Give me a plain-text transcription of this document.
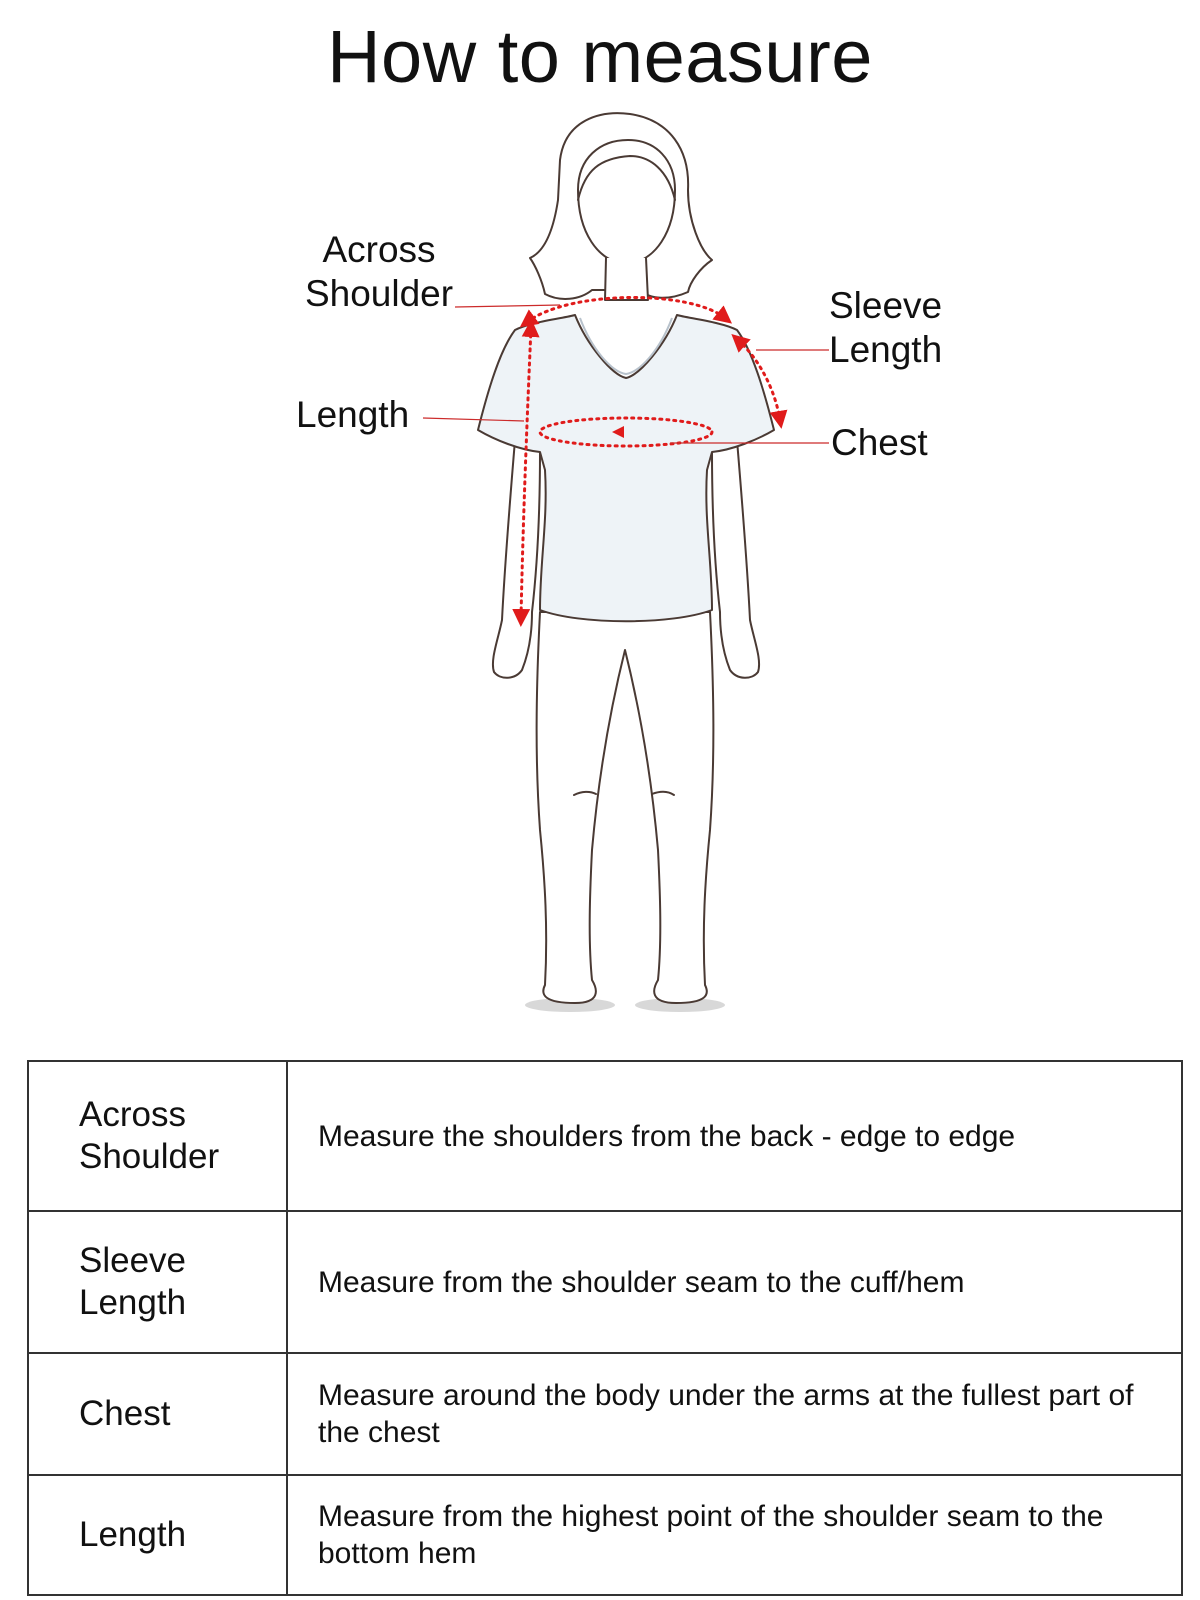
How to measure
Across
Shoulder	Sleeve
Length
Length
Chest
Across
Shoulder	Measure the shoulders from the back - edge to edge

Sleeve
Length	Measure from the shoulder seam to the cuff/hem

Chest	Measure around the body under the arms at the fullest part of the chest

Length	Measure from the highest point of the shoulder seam to the bottom hem
